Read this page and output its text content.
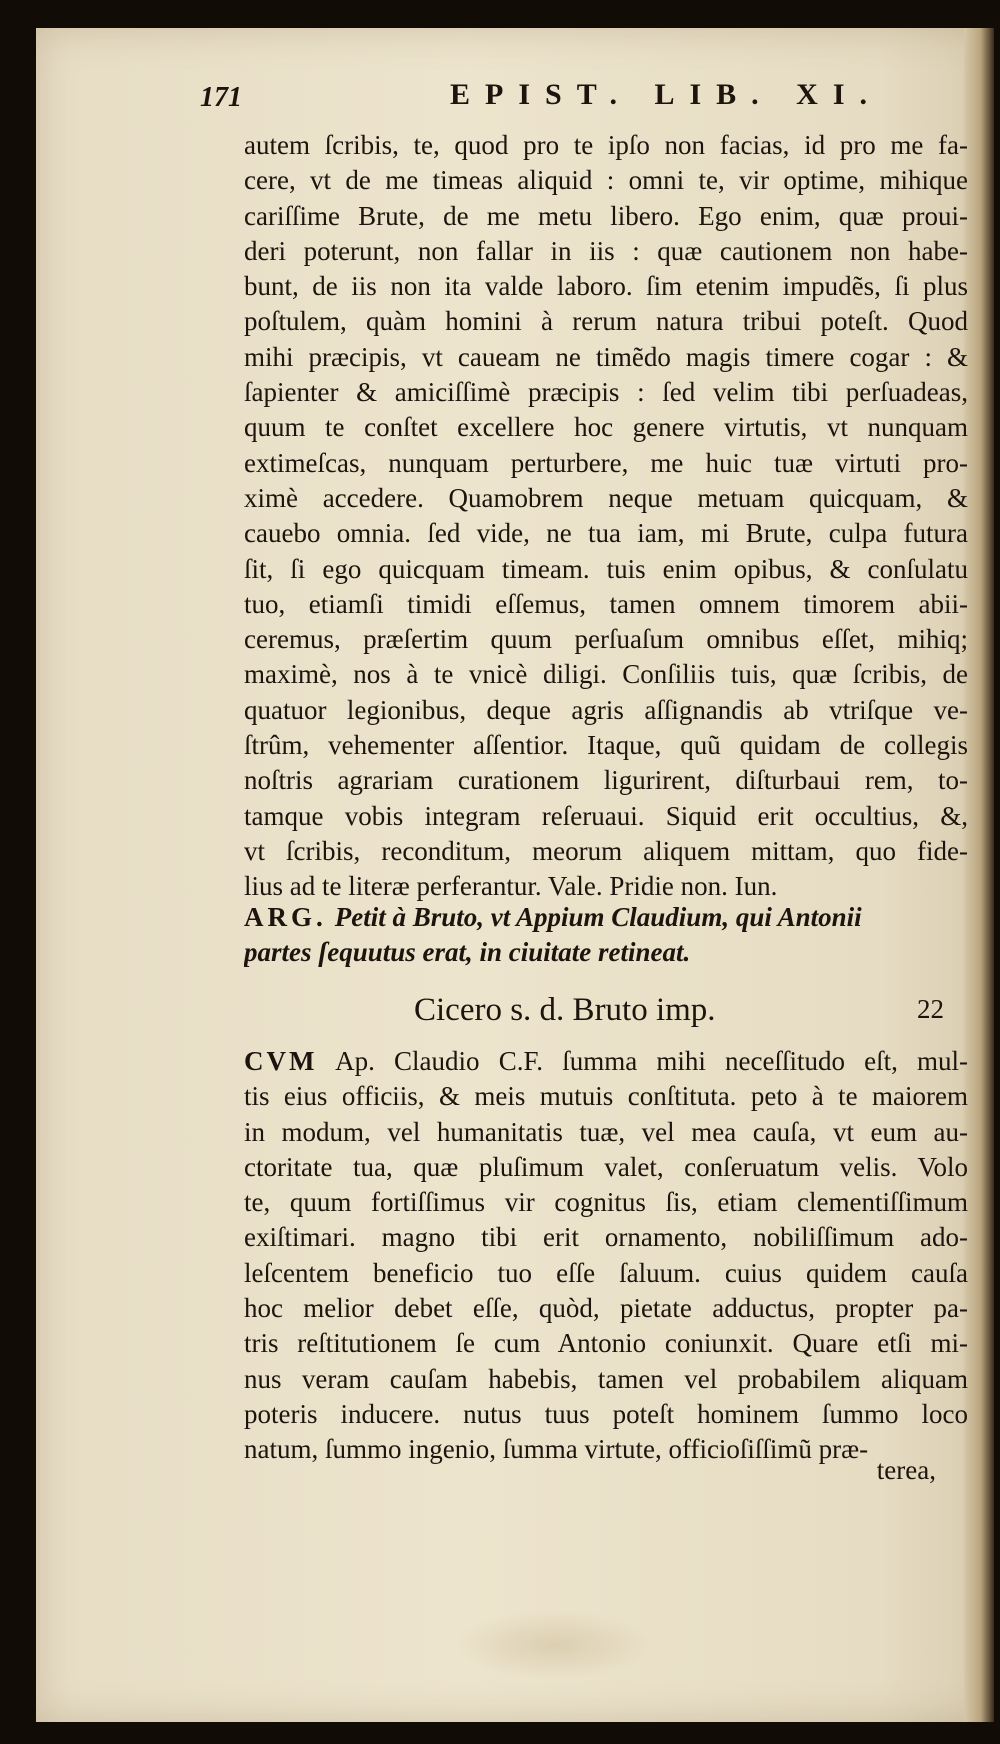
171	EPIST. LIB. XI.
autem ſcribis, te, quod pro te ipſo non facias, id pro me fa-
cere, vt de me timeas aliquid : omni te, vir optime, mihique
cariſſime Brute, de me metu libero. Ego enim, quæ proui-
deri poterunt, non fallar in iis : quæ cautionem non habe-
bunt, de iis non ita valde laboro. ſim etenim impudẽs, ſi plus
poſtulem, quàm homini à rerum natura tribui poteſt. Quod
mihi præcipis, vt caueam ne timẽdo magis timere cogar : &
ſapienter & amiciſſimè præcipis : ſed velim tibi perſuadeas,
quum te conſtet excellere hoc genere virtutis, vt nunquam
extimeſcas, nunquam perturbere, me huic tuæ virtuti pro-
ximè accedere. Quamobrem neque metuam quicquam, &
cauebo omnia. ſed vide, ne tua iam, mi Brute, culpa futura
ſit, ſi ego quicquam timeam. tuis enim opibus, & conſulatu
tuo, etiamſi timidi eſſemus, tamen omnem timorem abii-
ceremus, præſertim quum perſuaſum omnibus eſſet, mihiq;
maximè, nos à te vnicè diligi. Conſiliis tuis, quæ ſcribis, de
quatuor legionibus, deque agris aſſignandis ab vtriſque ve-
ſtrûm, vehementer aſſentior. Itaque, quũ quidam de collegis
noſtris agrariam curationem ligurirent, diſturbaui rem, to-
tamque vobis integram reſeruaui. Siquid erit occultius, &,
vt ſcribis, reconditum, meorum aliquem mittam, quo fide-
lius ad te literæ perferantur. Vale. Pridie non. Iun.
ARG. Petit à Bruto, vt Appium Claudium, qui Antonii
partes ſequutus erat, in ciuitate retineat.
Cicero s. d. Bruto imp.	22
CVM Ap. Claudio C.F. ſumma mihi neceſſitudo eſt, mul-
tis eius officiis, & meis mutuis conſtituta. peto à te maiorem
in modum, vel humanitatis tuæ, vel mea cauſa, vt eum au-
ctoritate tua, quæ pluſimum valet, conſeruatum velis. Volo
te, quum fortiſſimus vir cognitus ſis, etiam clementiſſimum
exiſtimari. magno tibi erit ornamento, nobiliſſimum ado-
leſcentem beneficio tuo eſſe ſaluum. cuius quidem cauſa
hoc melior debet eſſe, quòd, pietate adductus, propter pa-
tris reſtitutionem ſe cum Antonio coniunxit. Quare etſi mi-
nus veram cauſam habebis, tamen vel probabilem aliquam
poteris inducere. nutus tuus poteſt hominem ſummo loco
natum, ſummo ingenio, ſumma virtute, officioſiſſimũ præ-
terea,
